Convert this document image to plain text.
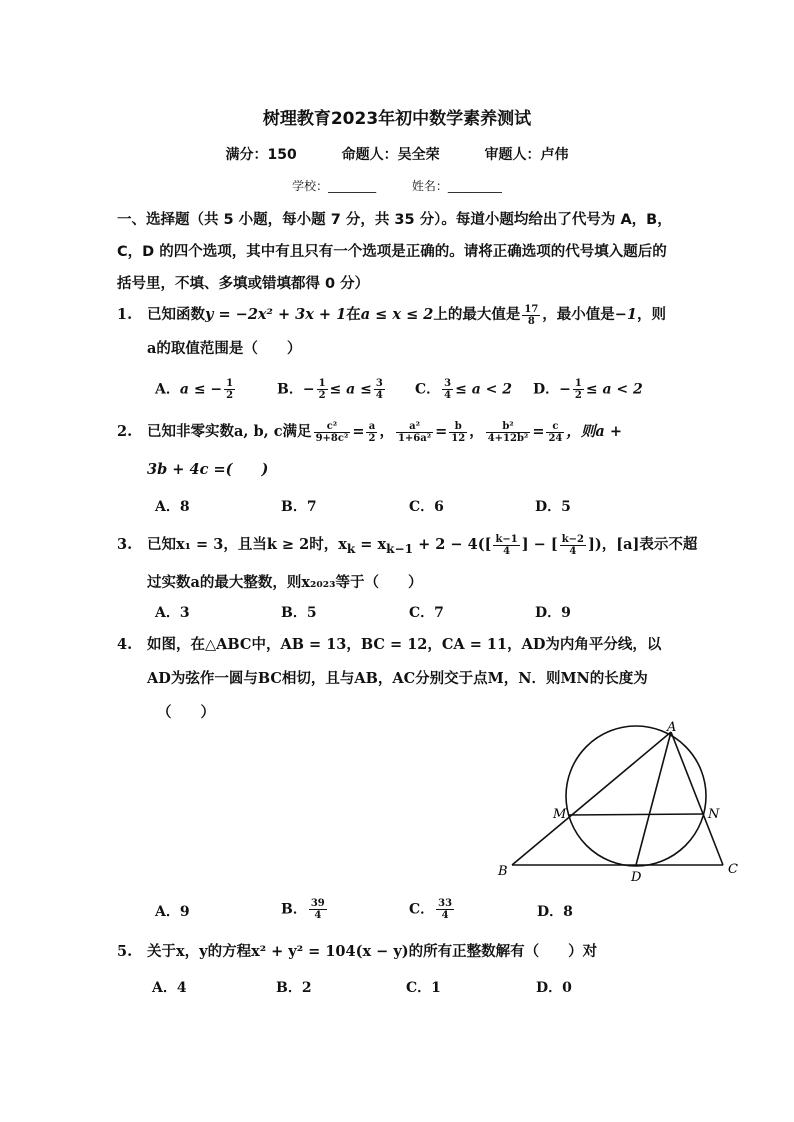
树理教育2023年初中数学素养测试
满分：150	命题人：吴全荣	审题人：卢伟
学校：________	姓名：_________
一、选择题（共 5 小题，每小题 7 分，共 35 分）。每道小题均给出了代号为 A，B，C，D 的四个选项，其中有且只有一个选项是正确的。请将正确选项的代号填入题后的括号里，不填、多填或错填都得 0 分）
1. 已知函数y = −2x² + 3x + 1在a ≤ x ≤ 2上的最大值是 $\frac{17}{8}$ ，最小值是−1，则
a的取值范围是（　　）
A．a ≤ − $\frac{1}{2}$	B．− $\frac{1}{2} \le a \le \frac{3}{4}$ C． $\frac{3}{4} \le a < 2$ D．− $\frac{1}{2} \le a < 2$
2. 已知非零实数a, b, c满足 $\frac{\text{c²}}{\text{9+8c²}} = \frac{a}{2}$ ， $\frac{\text{a²}}{\text{1+6a²}} = \frac{b}{12}$ ， $\frac{\text{b²}}{\text{4+12b²}} = \frac{c}{24}$ ，则a +
3b + 4c =(　　)
A．8	B．7	C．6	D．5
3. 已知x₁ = 3，且当k ≥ 2时，$x_k = x_{k-1} + 2 - 4([ \frac{k-1}{4}$ ] − [ $\frac{k-2}{4}$ ])，[a]表示不超
过实数a的最大整数，则x₂₀₂₃等于（　　）
A．3	B．5	C．7	D．9
4. 如图，在△ABC中，AB = 13，BC = 12，CA = 11，AD为内角平分线，以
AD为弦作一圆与BC相切，且与AB，AC分别交于点M，N．则MN的长度为
（　　）
A
B	C
D
M	N
A．9	B． $\frac{39}{4}$	C． $\frac{33}{4}$	D．8
5. 关于x，y的方程x² + y² = 104(x − y)的所有正整数解有（　　）对
A．4	B．2	C．1	D．0
